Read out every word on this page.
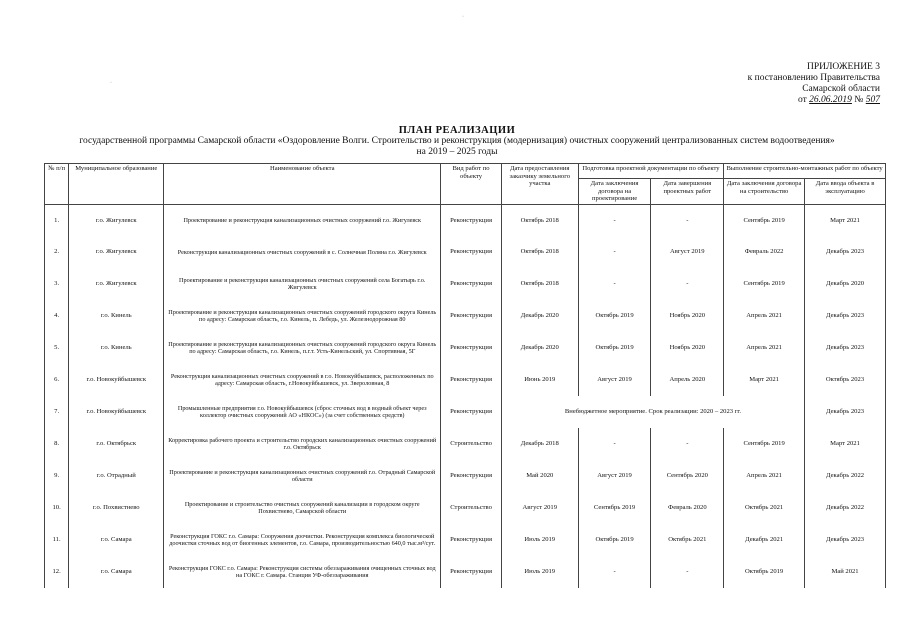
ПРИЛОЖЕНИЕ 3
к постановлению Правительства
Самарской области
от 26.06.2019 № 507
ПЛАН РЕАЛИЗАЦИИ
государственной программы Самарской области «Оздоровление Волги. Строительство и реконструкция (модернизация) очистных сооружений централизованных систем водоотведения»
на 2019 – 2025 годы
№ п/п	Муниципальное образование	Наименование объекта	Вид работ по объекту	Дата предоставления заказчику земельного участка	Подготовка проектной документации по объекту		Выполнение строительно-монтажных работ по объекту	
					Дата заключения договора на проектирование	Дата завершения проектных работ	Дата заключения договора на строительство	Дата ввода объекта в эксплуатацию
1.	г.о. Жигулевск	Проектирование и реконструкция канализационных очистных сооружений г.о. Жигулевск	Реконструкция	Октябрь 2018	-	-	Сентябрь 2019	Март 2021
2.	г.о. Жигулевск	Реконструкция канализационных очистных сооружений в с. Солнечная Поляна г.о. Жигулевск	Реконструкция	Октябрь 2018	-	Август 2019	Февраль 2022	Декабрь 2023
3.	г.о. Жигулевск	Проектирование и реконструкция канализационных очистных сооружений села Богатырь г.о. Жигулевск	Реконструкция	Октябрь 2018	-	-	Сентябрь 2019	Декабрь 2020
4.	г.о. Кинель	Проектирование и реконструкция канализационных очистных сооружений городского округа Кинель по адресу: Самарская область, г.о. Кинель, п. Лебедь, ул. Железнодорожная 80	Реконструкция	Декабрь 2020	Октябрь 2019	Ноябрь 2020	Апрель 2021	Декабрь 2023
5.	г.о. Кинель	Проектирование и реконструкция канализационных очистных сооружений городского округа Кинель по адресу: Самарская область, г.о. Кинель, п.г.т. Усть-Кинельский, ул. Спортивная, 5Г	Реконструкция	Декабрь 2020	Октябрь 2019	Ноябрь 2020	Апрель 2021	Декабрь 2023
6.	г.о. Новокуйбышевск	Реконструкция канализационных очистных сооружений в г.о. Новокуйбышевск, расположенных по адресу: Самарская область, г.Новокуйбышевск, ул. Звероловная, 8	Реконструкция	Июнь 2019	Август 2019	Апрель 2020	Март 2021	Октябрь 2023
7.	г.о. Новокуйбышевск	Промышленные предприятия г.о. Новокуйбышевск (сброс сточных вод в водный объект через коллектор очистных сооружений АО «НКОС») (за счет собственных средств)	Реконструкция	Внебюджетное мероприятие. Срок реализации: 2020 – 2023 гг.				Декабрь 2023
8.	г.о. Октябрьск	Корректировка рабочего проекта и строительство городских канализационных очистных сооружений г.о. Октябрьск	Строительство	Декабрь 2018	-	-	Сентябрь 2019	Март 2021
9.	г.о. Отрадный	Проектирование и реконструкция канализационных очистных сооружений г.о. Отрадный Самарской области	Реконструкция	Май 2020	Август 2019	Сентябрь 2020	Апрель 2021	Декабрь 2022
10.	г.о. Похвистнево	Проектирование и строительство очистных сооружений канализации в городском округе Похвистнево, Самарской области	Строительство	Август 2019	Сентябрь 2019	Февраль 2020	Октябрь 2021	Декабрь 2022
11.	г.о. Самара	Реконструкция ГОКС г.о. Самара: Сооружения доочистки. Реконструкция комплекса биологической доочистки сточных вод от биогенных элементов, г.о. Самара, производительностью 640,0 тыс.м³/сут.	Реконструкция	Июль 2019	Октябрь 2019	Октябрь 2021	Декабрь 2021	Декабрь 2023
12.	г.о. Самара	Реконструкция ГОКС г.о. Самара: Реконструкция системы обеззараживания очищенных сточных вод на ГОКС г. Самара. Станция УФ-обеззараживания	Реконструкция	Июль 2019	-	-	Октябрь 2019	Май 2021
·
·
